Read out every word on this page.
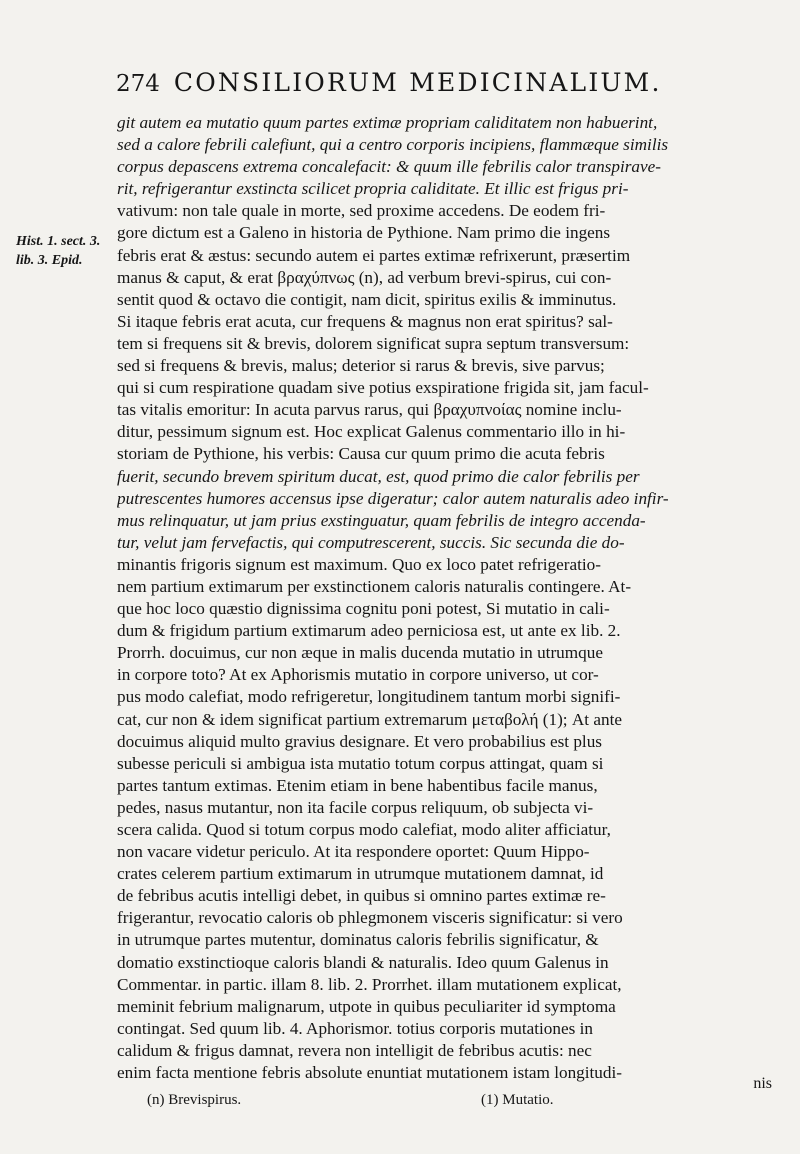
274 CONSILIORUM MEDICINALIUM.
Hist. 1. sect. 3.
lib. 3. Epid.
git autem ea mutatio quum partes extimæ propriam caliditatem non habuerint,
sed a calore febrili calefiunt, qui a centro corporis incipiens, flammæque similis
corpus depascens extrema concalefacit: & quum ille febrilis calor transpirave-
rit, refrigerantur exstincta scilicet propria caliditate. Et illic est frigus pri-
vativum: non tale quale in morte, sed proxime accedens. De eodem fri-
gore dictum est a Galeno in historia de Pythione. Nam primo die ingens
febris erat & æstus: secundo autem ei partes extimæ refrixerunt, præsertim
manus & caput, & erat βραχύπνως (n), ad verbum brevi-spirus, cui con-
sentit quod & octavo die contigit, nam dicit, spiritus exilis & imminutus.
Si itaque febris erat acuta, cur frequens & magnus non erat spiritus? sal-
tem si frequens sit & brevis, dolorem significat supra septum transversum:
sed si frequens & brevis, malus; deterior si rarus & brevis, sive parvus;
qui si cum respiratione quadam sive potius exspiratione frigida sit, jam facul-
tas vitalis emoritur: In acuta parvus rarus, qui βραχυπνοίας nomine inclu-
ditur, pessimum signum est. Hoc explicat Galenus commentario illo in hi-
storiam de Pythione, his verbis: Causa cur quum primo die acuta febris
fuerit, secundo brevem spiritum ducat, est, quod primo die calor febrilis per
putrescentes humores accensus ipse digeratur; calor autem naturalis adeo infir-
mus relinquatur, ut jam prius exstinguatur, quam febrilis de integro accenda-
tur, velut jam fervefactis, qui computrescerent, succis. Sic secunda die do-
minantis frigoris signum est maximum. Quo ex loco patet refrigeratio-
nem partium extimarum per exstinctionem caloris naturalis contingere. At-
que hoc loco quæstio dignissima cognitu poni potest, Si mutatio in cali-
dum & frigidum partium extimarum adeo perniciosa est, ut ante ex lib. 2.
Prorrh. docuimus, cur non æque in malis ducenda mutatio in utrumque
in corpore toto? At ex Aphorismis mutatio in corpore universo, ut cor-
pus modo calefiat, modo refrigeretur, longitudinem tantum morbi signifi-
cat, cur non & idem significat partium extremarum μεταβολή (1); At ante
docuimus aliquid multo gravius designare. Et vero probabilius est plus
subesse periculi si ambigua ista mutatio totum corpus attingat, quam si
partes tantum extimas. Etenim etiam in bene habentibus facile manus,
pedes, nasus mutantur, non ita facile corpus reliquum, ob subjecta vi-
scera calida. Quod si totum corpus modo calefiat, modo aliter afficiatur,
non vacare videtur periculo. At ita respondere oportet: Quum Hippo-
crates celerem partium extimarum in utrumque mutationem damnat, id
de febribus acutis intelligi debet, in quibus si omnino partes extimæ re-
frigerantur, revocatio caloris ob phlegmonem visceris significatur: si vero
in utrumque partes mutentur, dominatus caloris febrilis significatur, &
domatio exstinctioque caloris blandi & naturalis. Ideo quum Galenus in
Commentar. in partic. illam 8. lib. 2. Prorrhet. illam mutationem explicat,
meminit febrium malignarum, utpote in quibus peculiariter id symptoma
contingat. Sed quum lib. 4. Aphorismor. totius corporis mutationes in
calidum & frigus damnat, revera non intelligit de febribus acutis: nec
enim facta mentione febris absolute enuntiat mutationem istam longitudi-
nis
(n) Brevispirus.	(1) Mutatio.
